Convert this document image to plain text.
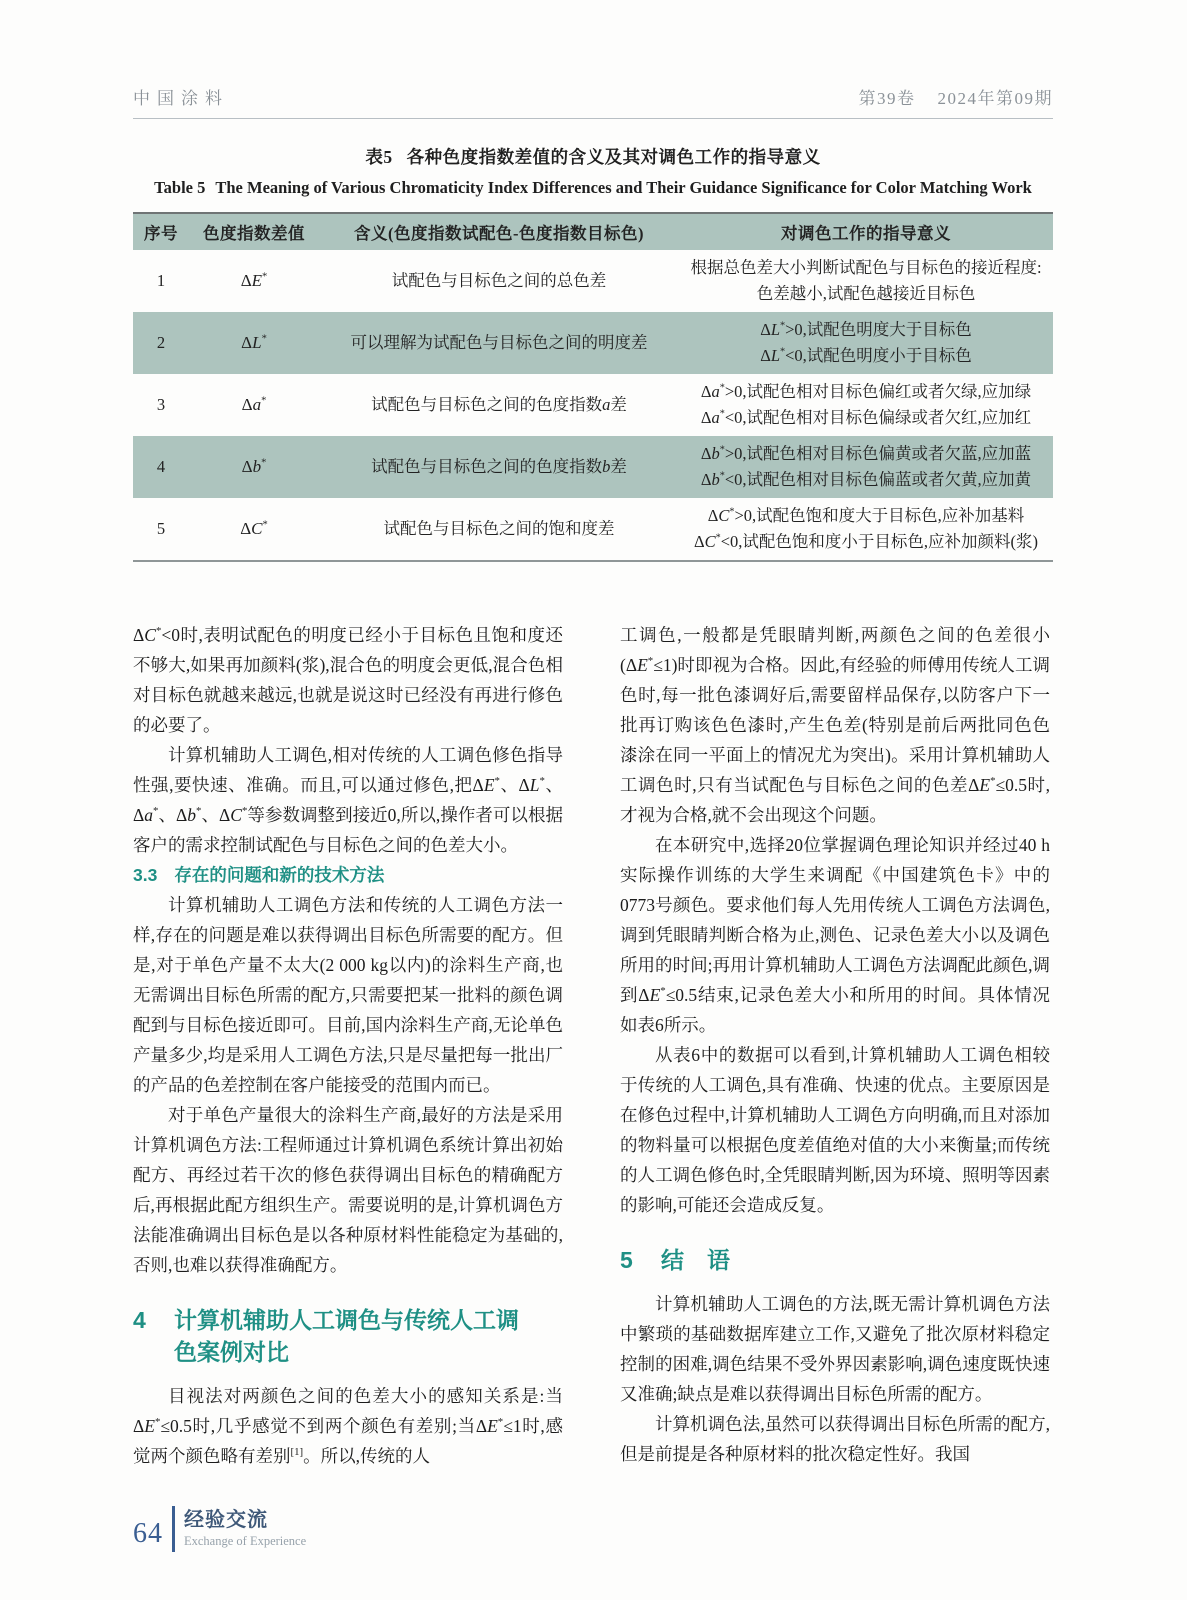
中国涂料	第39卷 2024年第09期
表5 各种色度指数差值的含义及其对调色工作的指导意义
Table 5 The Meaning of Various Chromaticity Index Differences and Their Guidance Significance for Color Matching Work
序号	色度指数差值	含义(色度指数试配色-色度指数目标色)	对调色工作的指导意义
1	ΔE*	试配色与目标色之间的总色差	根据总色差大小判断试配色与目标色的接近程度:
色差越小,试配色越接近目标色

2	ΔL*	可以理解为试配色与目标色之间的明度差	ΔL*>0,试配色明度大于目标色
ΔL*<0,试配色明度小于目标色

3	Δa*	试配色与目标色之间的色度指数a差	Δa*>0,试配色相对目标色偏红或者欠绿,应加绿
Δa*<0,试配色相对目标色偏绿或者欠红,应加红

4	Δb*	试配色与目标色之间的色度指数b差	Δb*>0,试配色相对目标色偏黄或者欠蓝,应加蓝
Δb*<0,试配色相对目标色偏蓝或者欠黄,应加黄

5	ΔC*	试配色与目标色之间的饱和度差	ΔC*>0,试配色饱和度大于目标色,应补加基料
ΔC*<0,试配色饱和度小于目标色,应补加颜料(浆)

ΔC*<0时,表明试配色的明度已经小于目标色且饱和度还不够大,如果再加颜料(浆),混合色的明度会更低,混合色相对目标色就越来越远,也就是说这时已经没有再进行修色的必要了。

计算机辅助人工调色,相对传统的人工调色修色指导性强,要快速、准确。而且,可以通过修色,把ΔE*、ΔL*、Δa*、Δb*、ΔC*等参数调整到接近0,所以,操作者可以根据客户的需求控制试配色与目标色之间的色差大小。

3.3 存在的问题和新的技术方法

计算机辅助人工调色方法和传统的人工调色方法一样,存在的问题是难以获得调出目标色所需要的配方。但是,对于单色产量不太大(2 000 kg以内)的涂料生产商,也无需调出目标色所需的配方,只需要把某一批料的颜色调配到与目标色接近即可。目前,国内涂料生产商,无论单色产量多少,均是采用人工调色方法,只是尽量把每一批出厂的产品的色差控制在客户能接受的范围内而已。

对于单色产量很大的涂料生产商,最好的方法是采用计算机调色方法:工程师通过计算机调色系统计算出初始配方、再经过若干次的修色获得调出目标色的精确配方后,再根据此配方组织生产。需要说明的是,计算机调色方法能准确调出目标色是以各种原材料性能稳定为基础的,否则,也难以获得准确配方。

4	计算机辅助人工调色与传统人工调色案例对比

目视法对两颜色之间的色差大小的感知关系是:当ΔE*≤0.5时,几乎感觉不到两个颜色有差别;当ΔE*≤1时,感觉两个颜色略有差别[1]。所以,传统的人

工调色,一般都是凭眼睛判断,两颜色之间的色差很小(ΔE*≤1)时即视为合格。因此,有经验的师傅用传统人工调色时,每一批色漆调好后,需要留样品保存,以防客户下一批再订购该色色漆时,产生色差(特别是前后两批同色色漆涂在同一平面上的情况尤为突出)。采用计算机辅助人工调色时,只有当试配色与目标色之间的色差ΔE*≤0.5时,才视为合格,就不会出现这个问题。

在本研究中,选择20位掌握调色理论知识并经过40 h实际操作训练的大学生来调配《中国建筑色卡》中的0773号颜色。要求他们每人先用传统人工调色方法调色,调到凭眼睛判断合格为止,测色、记录色差大小以及调色所用的时间;再用计算机辅助人工调色方法调配此颜色,调到ΔE*≤0.5结束,记录色差大小和所用的时间。具体情况如表6所示。

从表6中的数据可以看到,计算机辅助人工调色相较于传统的人工调色,具有准确、快速的优点。主要原因是在修色过程中,计算机辅助人工调色方向明确,而且对添加的物料量可以根据色度差值绝对值的大小来衡量;而传统的人工调色修色时,全凭眼睛判断,因为环境、照明等因素的影响,可能还会造成反复。

5	结　语

计算机辅助人工调色的方法,既无需计算机调色方法中繁琐的基础数据库建立工作,又避免了批次原材料稳定控制的困难,调色结果不受外界因素影响,调色速度既快速又准确;缺点是难以获得调出目标色所需的配方。

计算机调色法,虽然可以获得调出目标色所需的配方,但是前提是各种原材料的批次稳定性好。我国

64 经验交流
Exchange of Experience
